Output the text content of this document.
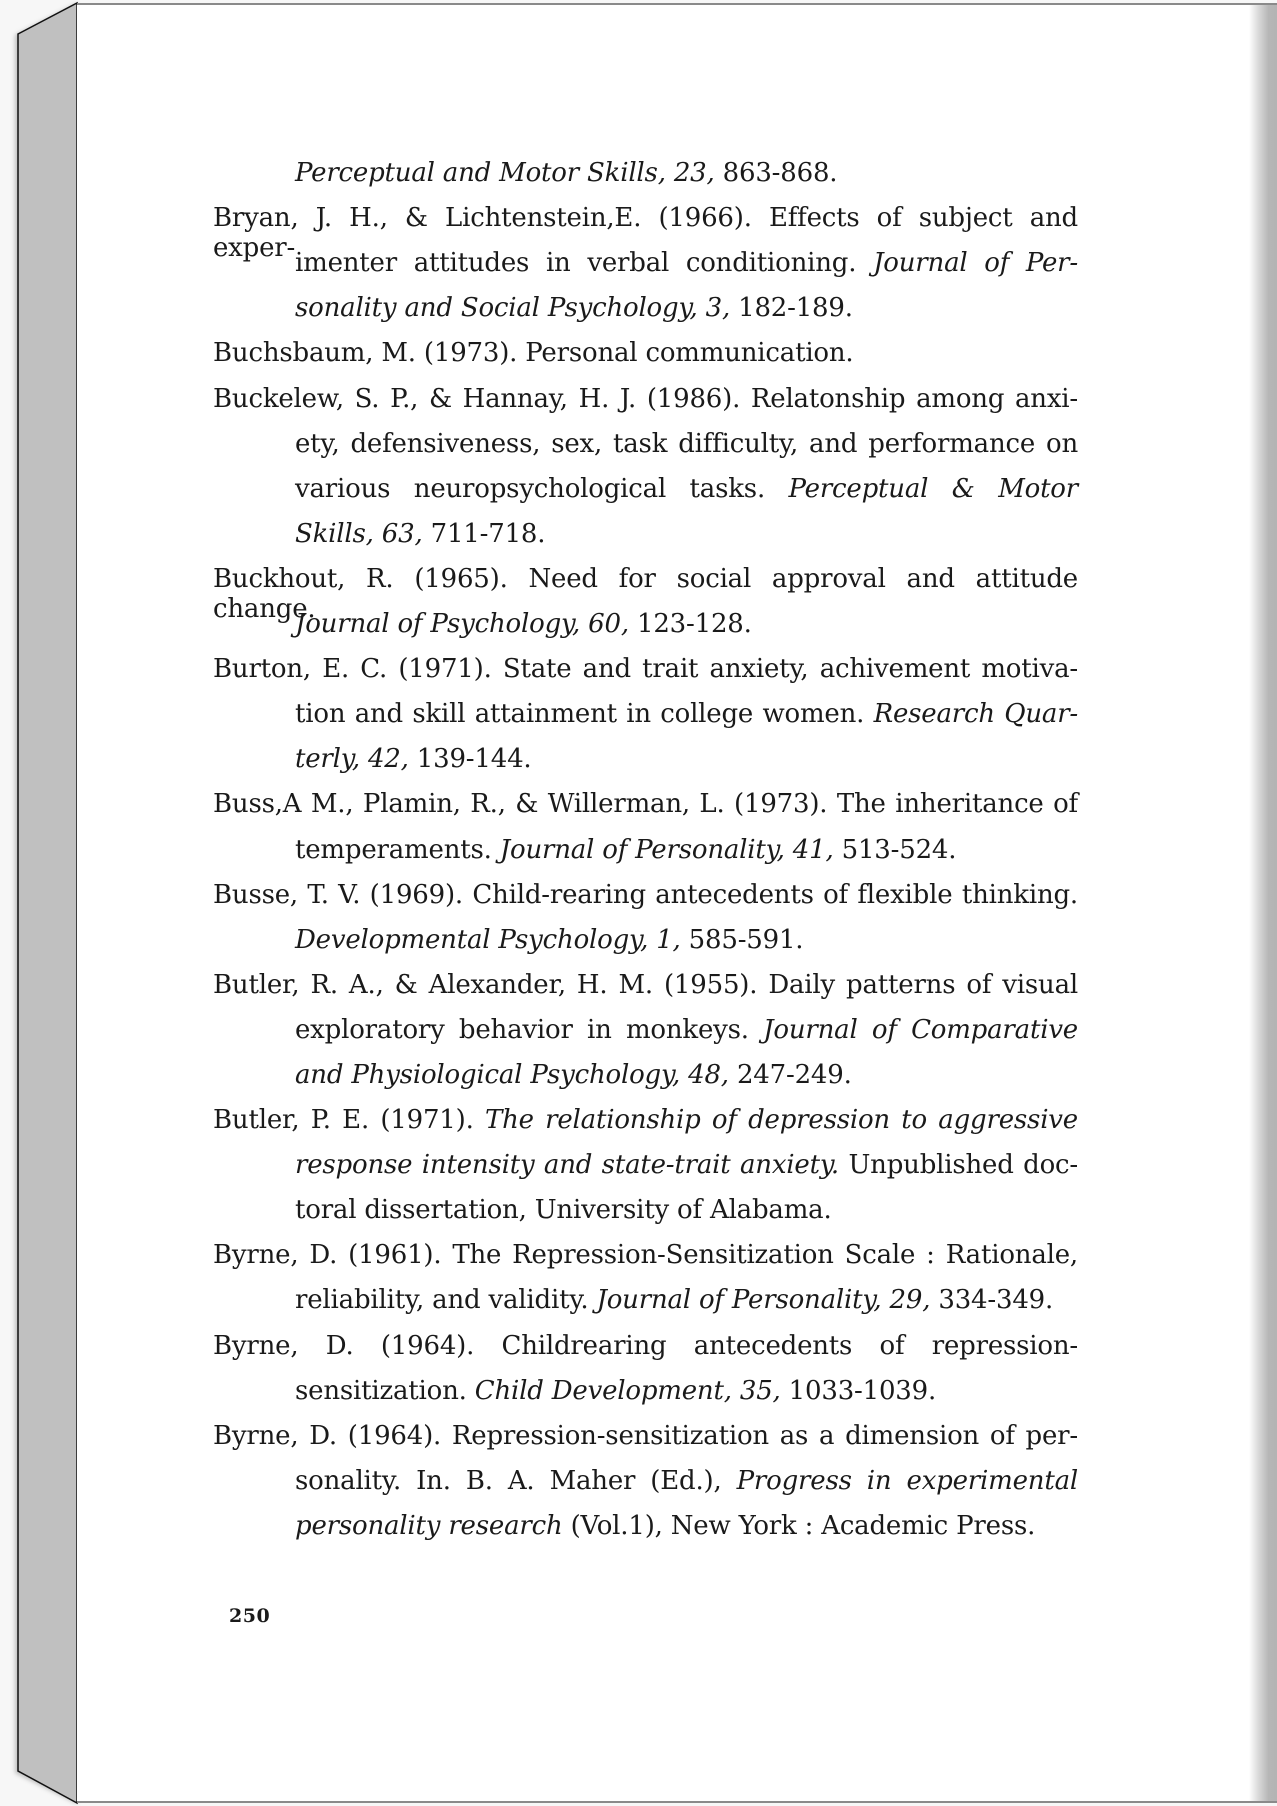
Perceptual and Motor Skills, 23, 863-868.
Bryan, J. H., & Lichtenstein,E. (1966). Effects of subject and exper- imenter attitudes in verbal conditioning. Journal of Per-
sonality and Social Psychology, 3, 182-189.
Buchsbaum, M. (1973). Personal communication.
Buckelew, S. P., & Hannay, H. J. (1986). Relatonship among anxi-
ety, defensiveness, sex, task difficulty, and performance on
various neuropsychological tasks. Perceptual & Motor
Skills, 63, 711-718.
Buckhout, R. (1965). Need for social approval and attitude change.
Journal of Psychology, 60, 123-128.
Burton, E. C. (1971). State and trait anxiety, achivement motiva-
tion and skill attainment in college women. Research Quar-
terly, 42, 139-144.
Buss,A M., Plamin, R., & Willerman, L. (1973). The inheritance of
temperaments. Journal of Personality, 41, 513-524.
Busse, T. V. (1969). Child-rearing antecedents of flexible thinking.
Developmental Psychology, 1, 585-591.
Butler, R. A., & Alexander, H. M. (1955). Daily patterns of visual
exploratory behavior in monkeys. Journal of Comparative
and Physiological Psychology, 48, 247-249.
Butler, P. E. (1971). The relationship of depression to aggressive
response intensity and state-trait anxiety. Unpublished doc-
toral dissertation, University of Alabama.
Byrne, D. (1961). The Repression-Sensitization Scale : Rationale,
reliability, and validity. Journal of Personality, 29, 334-349.
Byrne, D. (1964). Childrearing antecedents of repression-
sensitization. Child Development, 35, 1033-1039.
Byrne, D. (1964). Repression-sensitization as a dimension of per-
sonality. In. B. A. Maher (Ed.), Progress in experimental
personality research (Vol.1), New York : Academic Press.
250
